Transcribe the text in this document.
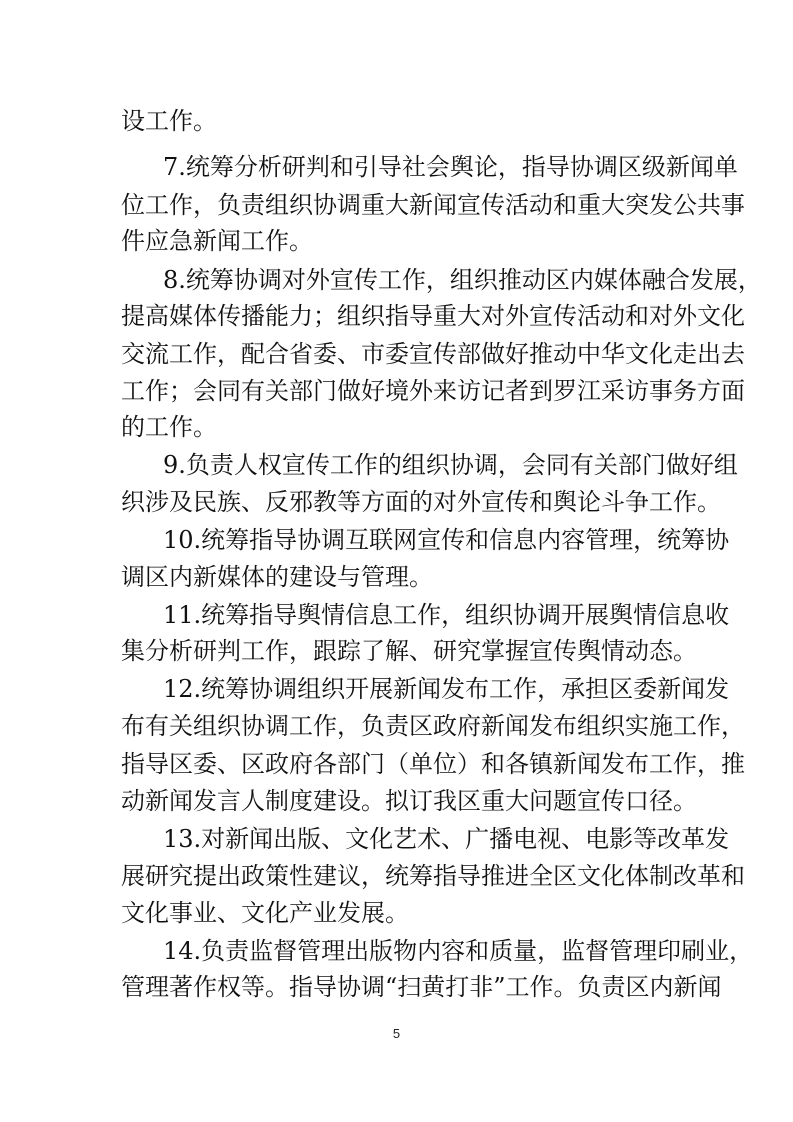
设工作。
7.统筹分析研判和引导社会舆论，指导协调区级新闻单
位工作，负责组织协调重大新闻宣传活动和重大突发公共事
件应急新闻工作。
8.统筹协调对外宣传工作，组织推动区内媒体融合发展，
提高媒体传播能力；组织指导重大对外宣传活动和对外文化
交流工作，配合省委、市委宣传部做好推动中华文化走出去
工作；会同有关部门做好境外来访记者到罗江采访事务方面
的工作。
9.负责人权宣传工作的组织协调，会同有关部门做好组
织涉及民族、反邪教等方面的对外宣传和舆论斗争工作。
10.统筹指导协调互联网宣传和信息内容管理，统筹协
调区内新媒体的建设与管理。
11.统筹指导舆情信息工作，组织协调开展舆情信息收
集分析研判工作，跟踪了解、研究掌握宣传舆情动态。
12.统筹协调组织开展新闻发布工作，承担区委新闻发
布有关组织协调工作，负责区政府新闻发布组织实施工作，
指导区委、区政府各部门（单位）和各镇新闻发布工作，推
动新闻发言人制度建设。拟订我区重大问题宣传口径。
13.对新闻出版、文化艺术、广播电视、电影等改革发
展研究提出政策性建议，统筹指导推进全区文化体制改革和
文化事业、文化产业发展。
14.负责监督管理出版物内容和质量，监督管理印刷业，
管理著作权等。指导协调“扫黄打非”工作。负责区内新闻
5
